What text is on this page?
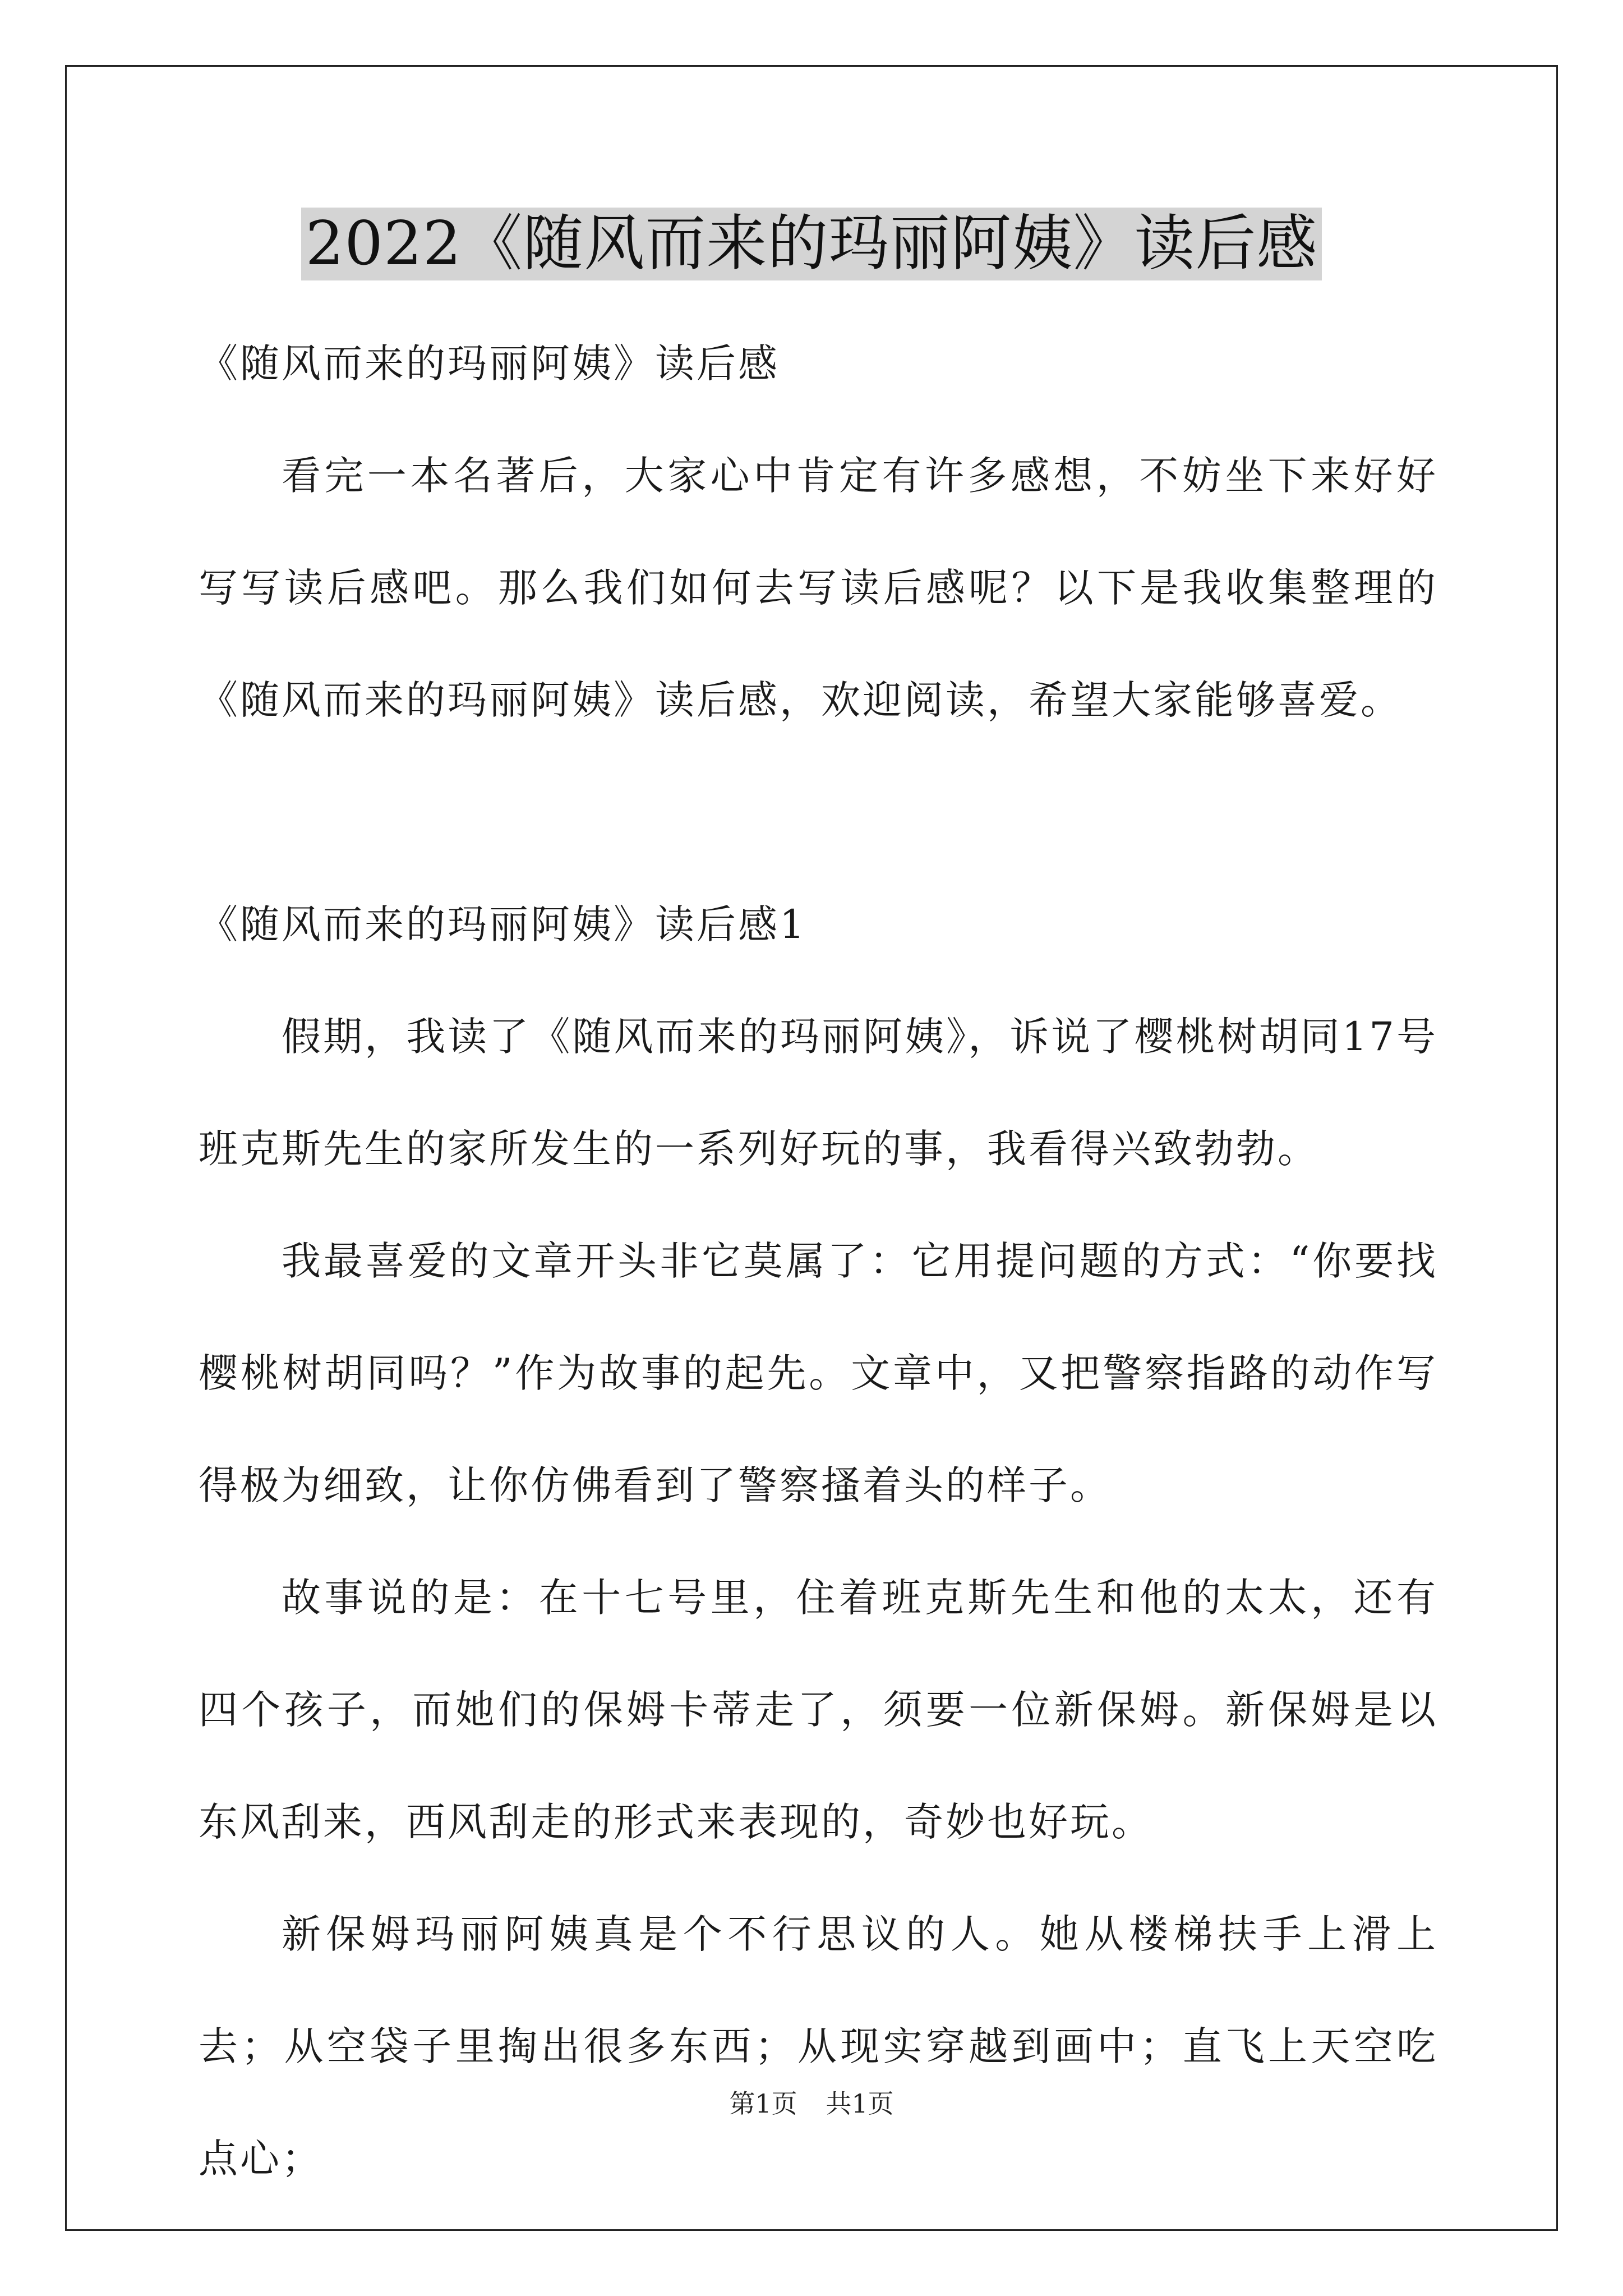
2022《随风而来的玛丽阿姨》读后感

《随风而来的玛丽阿姨》读后感

看完一本名著后，大家心中肯定有许多感想，不妨坐下来好好写写读后感吧。那么我们如何去写读后感呢？以下是我收集整理的《随风而来的玛丽阿姨》读后感，欢迎阅读，希望大家能够喜爱。

《随风而来的玛丽阿姨》读后感1

假期，我读了《随风而来的玛丽阿姨》，诉说了樱桃树胡同17号班克斯先生的家所发生的一系列好玩的事，我看得兴致勃勃。

我最喜爱的文章开头非它莫属了：它用提问题的方式：“你要找樱桃树胡同吗？”作为故事的起先。文章中，又把警察指路的动作写得极为细致，让你仿佛看到了警察搔着头的样子。

故事说的是：在十七号里，住着班克斯先生和他的太太，还有四个孩子，而她们的保姆卡蒂走了，须要一位新保姆。新保姆是以东风刮来，西风刮走的形式来表现的，奇妙也好玩。

新保姆玛丽阿姨真是个不行思议的人。她从楼梯扶手上滑上去；从空袋子里掏出很多东西；从现实穿越到画中；直飞上天空吃点心；

第1页 共1页
